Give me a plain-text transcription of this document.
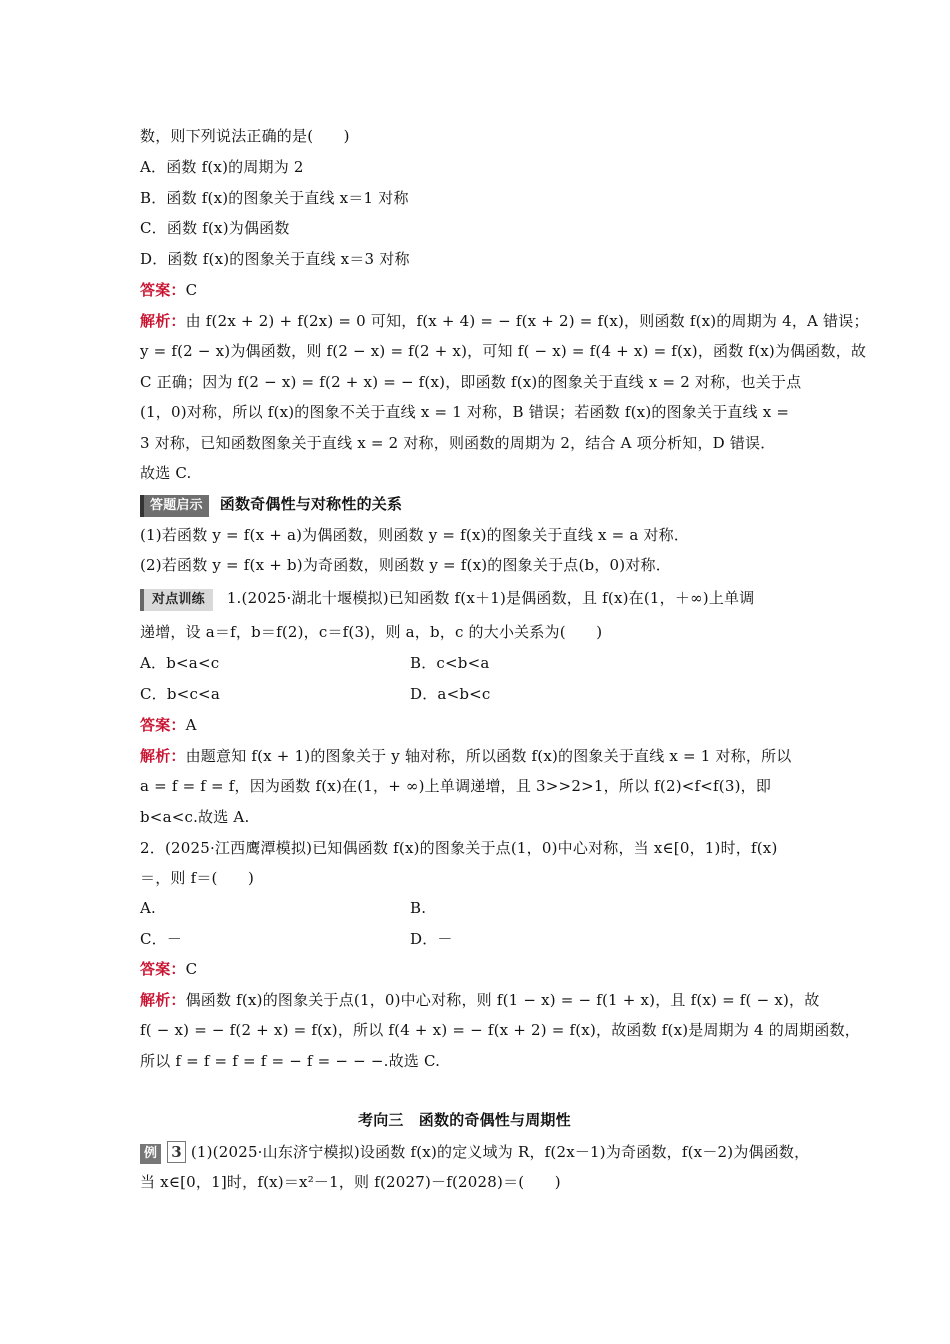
数，则下列说法正确的是(　　)
A．函数 f(x)的周期为 2
B．函数 f(x)的图象关于直线 x＝1 对称
C．函数 f(x)为偶函数
D．函数 f(x)的图象关于直线 x＝3 对称
答案：C
解析：由 f(2x + 2) + f(2x) = 0 可知，f(x + 4) = − f(x + 2) = f(x)，则函数 f(x)的周期为 4，A 错误；
y = f(2 − x)为偶函数，则 f(2 − x) = f(2 + x)，可知 f( − x) = f(4 + x) = f(x)，函数 f(x)为偶函数，故
C 正确；因为 f(2 − x) = f(2 + x) = − f(x)，即函数 f(x)的图象关于直线 x = 2 对称，也关于点
(1，0)对称，所以 f(x)的图象不关于直线 x = 1 对称，B 错误；若函数 f(x)的图象关于直线 x =
3 对称，已知函数图象关于直线 x = 2 对称，则函数的周期为 2，结合 A 项分析知，D 错误．
故选 C.
答题启示 函数奇偶性与对称性的关系
(1)若函数 y = f(x + a)为偶函数，则函数 y = f(x)的图象关于直线 x = a 对称．
(2)若函数 y = f(x + b)为奇函数，则函数 y = f(x)的图象关于点(b，0)对称．
对点训练 1.(2025·湖北十堰模拟)已知函数 f(x＋1)是偶函数，且 f(x)在(1，＋∞)上单调
递增，设 a＝f，b＝f(2)，c＝f(3)，则 a，b，c 的大小关系为(　　)
A．b<a<c	B．c<b<a
C．b<c<a	D．a<b<c
答案：A
解析：由题意知 f(x + 1)的图象关于 y 轴对称，所以函数 f(x)的图象关于直线 x = 1 对称，所以
a = f = f = f，因为函数 f(x)在(1，+ ∞)上单调递增，且 3>>2>1，所以 f(2)<f<f(3)，即
b<a<c.故选 A.
2．(2025·江西鹰潭模拟)已知偶函数 f(x)的图象关于点(1，0)中心对称，当 x∈[0，1)时，f(x)
＝，则 f＝(　　)
A.	B.
C．－	D．－
答案：C
解析：偶函数 f(x)的图象关于点(1，0)中心对称，则 f(1 − x) = − f(1 + x)，且 f(x) = f( − x)，故
f( − x) = − f(2 + x) = f(x)，所以 f(4 + x) = − f(x + 2) = f(x)，故函数 f(x)是周期为 4 的周期函数，
所以 f = f = f = f = − f = − − −.故选 C.
考向三　函数的奇偶性与周期性
例 3 (1)(2025·山东济宁模拟)设函数 f(x)的定义域为 R，f(2x－1)为奇函数，f(x－2)为偶函数，
当 x∈[0，1]时，f(x)＝x²－1，则 f(2027)－f(2028)＝(　　)
